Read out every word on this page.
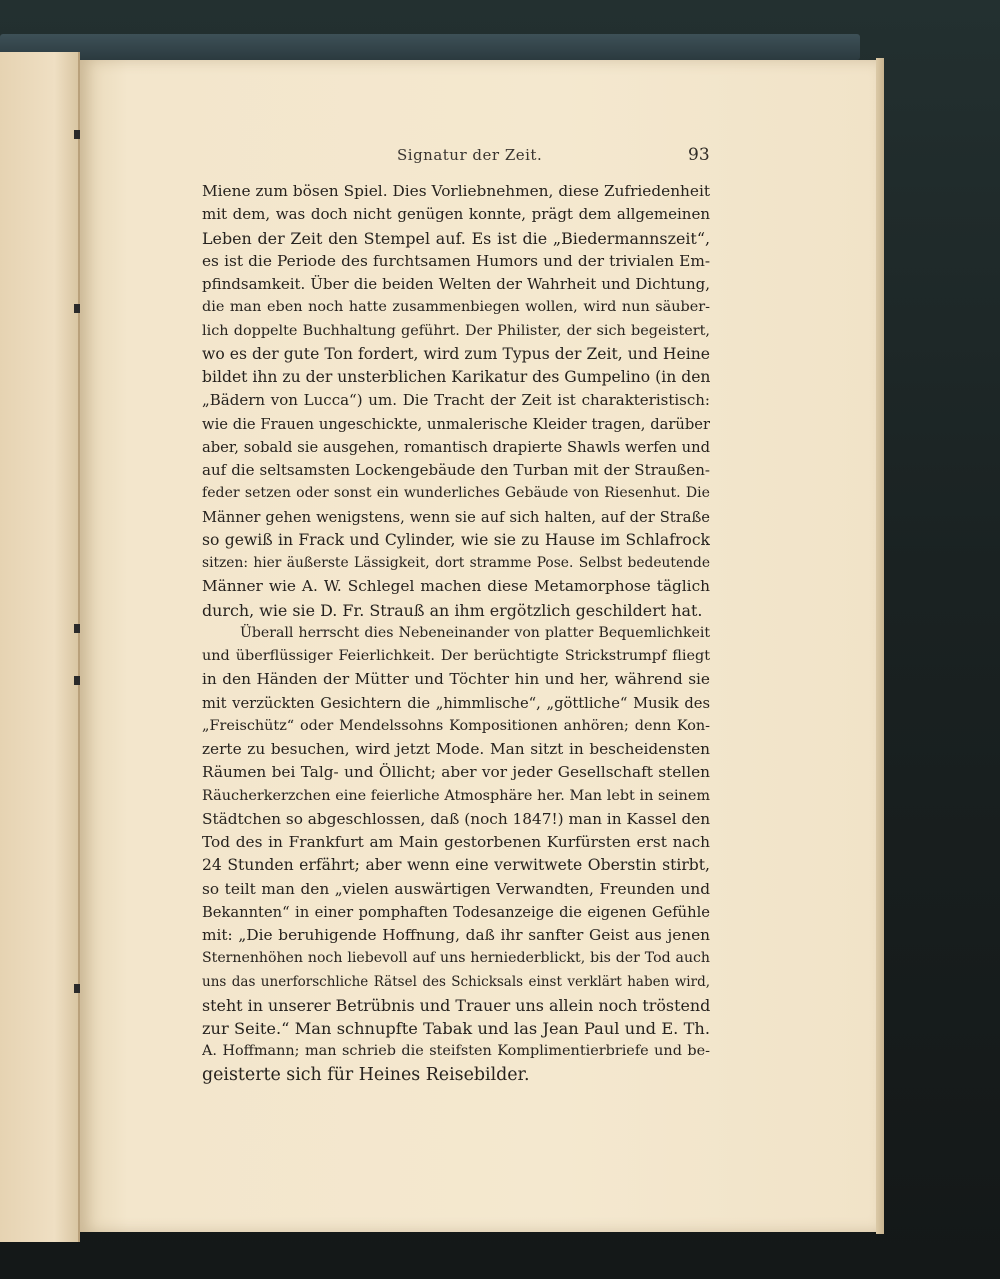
Signatur der Zeit.	93

Miene zum bösen Spiel. Dies Vorliebnehmen, diese Zufriedenheit
mit dem, was doch nicht genügen konnte, prägt dem allgemeinen
Leben der Zeit den Stempel auf. Es ist die „Biedermannszeit“,
es ist die Periode des furchtsamen Humors und der trivialen Em-
pfindsamkeit. Über die beiden Welten der Wahrheit und Dichtung,
die man eben noch hatte zusammenbiegen wollen, wird nun säuber-
lich doppelte Buchhaltung geführt. Der Philister, der sich begeistert,
wo es der gute Ton fordert, wird zum Typus der Zeit, und Heine
bildet ihn zu der unsterblichen Karikatur des Gumpelino (in den
„Bädern von Lucca“) um. Die Tracht der Zeit ist charakteristisch:
wie die Frauen ungeschickte, unmalerische Kleider tragen, darüber
aber, sobald sie ausgehen, romantisch drapierte Shawls werfen und
auf die seltsamsten Lockengebäude den Turban mit der Straußen-
feder setzen oder sonst ein wunderliches Gebäude von Riesenhut. Die
Männer gehen wenigstens, wenn sie auf sich halten, auf der Straße
so gewiß in Frack und Cylinder, wie sie zu Hause im Schlafrock
sitzen: hier äußerste Lässigkeit, dort stramme Pose. Selbst bedeutende
Männer wie A. W. Schlegel machen diese Metamorphose täglich
durch, wie sie D. Fr. Strauß an ihm ergötzlich geschildert hat.
Überall herrscht dies Nebeneinander von platter Bequemlichkeit
und überflüssiger Feierlichkeit. Der berüchtigte Strickstrumpf fliegt
in den Händen der Mütter und Töchter hin und her, während sie
mit verzückten Gesichtern die „himmlische“, „göttliche“ Musik des
„Freischütz“ oder Mendelssohns Kompositionen anhören; denn Kon-
zerte zu besuchen, wird jetzt Mode. Man sitzt in bescheidensten
Räumen bei Talg- und Öllicht; aber vor jeder Gesellschaft stellen
Räucherkerzchen eine feierliche Atmosphäre her. Man lebt in seinem
Städtchen so abgeschlossen, daß (noch 1847!) man in Kassel den
Tod des in Frankfurt am Main gestorbenen Kurfürsten erst nach
24 Stunden erfährt; aber wenn eine verwitwete Oberstin stirbt,
so teilt man den „vielen auswärtigen Verwandten, Freunden und
Bekannten“ in einer pomphaften Todesanzeige die eigenen Gefühle
mit: „Die beruhigende Hoffnung, daß ihr sanfter Geist aus jenen
Sternenhöhen noch liebevoll auf uns herniederblickt, bis der Tod auch
uns das unerforschliche Rätsel des Schicksals einst verklärt haben wird,
steht in unserer Betrübnis und Trauer uns allein noch tröstend
zur Seite.“ Man schnupfte Tabak und las Jean Paul und E. Th.
A. Hoffmann; man schrieb die steifsten Komplimentierbriefe und be-
geisterte sich für Heines Reisebilder.
